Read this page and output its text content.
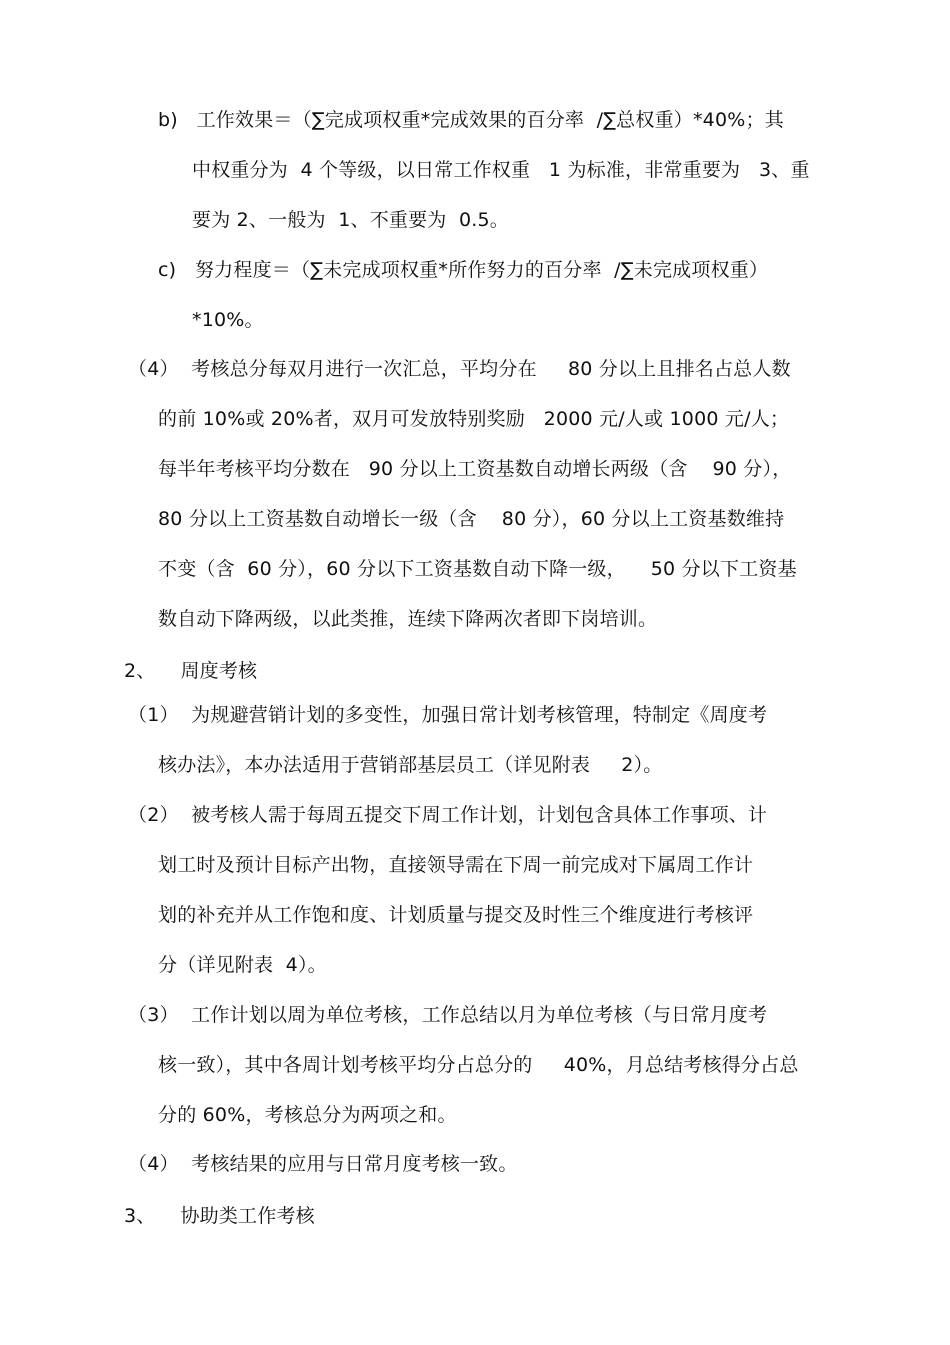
b)   工作效果＝（∑完成项权重*完成效果的百分率  /∑总权重）*40%；其
中权重分为  4 个等级，以日常工作权重   1 为标准，非常重要为   3、重
要为 2、一般为  1、不重要为  0.5。
c)   努力程度＝（∑未完成项权重*所作努力的百分率  /∑未完成项权重）
*10%。
（4）  考核总分每双月进行一次汇总，平均分在     80 分以上且排名占总人数
的前 10%或 20%者，双月可发放特别奖励   2000 元/人或 1000 元/人；
每半年考核平均分数在   90 分以上工资基数自动增长两级（含    90 分），
80 分以上工资基数自动增长一级（含    80 分），60 分以上工资基数维持
不变（含  60 分），60 分以下工资基数自动下降一级，    50 分以下工资基
数自动下降两级，以此类推，连续下降两次者即下岗培训。
2、    周度考核
（1）  为规避营销计划的多变性，加强日常计划考核管理，特制定《周度考
核办法》，本办法适用于营销部基层员工（详见附表     2）。
（2）  被考核人需于每周五提交下周工作计划，计划包含具体工作事项、计
划工时及预计目标产出物，直接领导需在下周一前完成对下属周工作计
划的补充并从工作饱和度、计划质量与提交及时性三个维度进行考核评
分（详见附表  4）。
（3）  工作计划以周为单位考核，工作总结以月为单位考核（与日常月度考
核一致），其中各周计划考核平均分占总分的     40%，月总结考核得分占总
分的 60%，考核总分为两项之和。
（4）  考核结果的应用与日常月度考核一致。
3、    协助类工作考核
